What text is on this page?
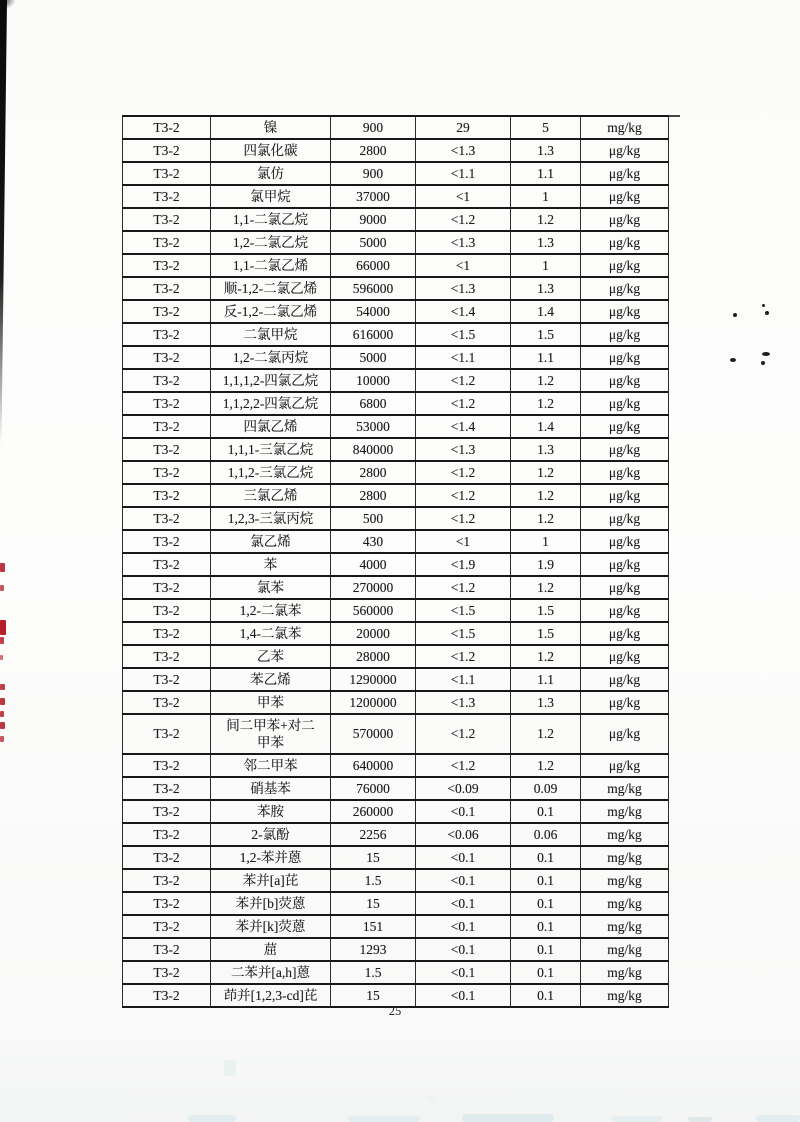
T3-2	镍	900	29	5	mg/kg
T3-2	四氯化碳	2800	<1.3	1.3	μg/kg
T3-2	氯仿	900	<1.1	1.1	μg/kg
T3-2	氯甲烷	37000	<1	1	μg/kg
T3-2	1,1-二氯乙烷	9000	<1.2	1.2	μg/kg
T3-2	1,2-二氯乙烷	5000	<1.3	1.3	μg/kg
T3-2	1,1-二氯乙烯	66000	<1	1	μg/kg
T3-2	顺-1,2-二氯乙烯	596000	<1.3	1.3	μg/kg
T3-2	反-1,2-二氯乙烯	54000	<1.4	1.4	μg/kg
T3-2	二氯甲烷	616000	<1.5	1.5	μg/kg
T3-2	1,2-二氯丙烷	5000	<1.1	1.1	μg/kg
T3-2	1,1,1,2-四氯乙烷	10000	<1.2	1.2	μg/kg
T3-2	1,1,2,2-四氯乙烷	6800	<1.2	1.2	μg/kg
T3-2	四氯乙烯	53000	<1.4	1.4	μg/kg
T3-2	1,1,1-三氯乙烷	840000	<1.3	1.3	μg/kg
T3-2	1,1,2-三氯乙烷	2800	<1.2	1.2	μg/kg
T3-2	三氯乙烯	2800	<1.2	1.2	μg/kg
T3-2	1,2,3-三氯丙烷	500	<1.2	1.2	μg/kg
T3-2	氯乙烯	430	<1	1	μg/kg
T3-2	苯	4000	<1.9	1.9	μg/kg
T3-2	氯苯	270000	<1.2	1.2	μg/kg
T3-2	1,2-二氯苯	560000	<1.5	1.5	μg/kg
T3-2	1,4-二氯苯	20000	<1.5	1.5	μg/kg
T3-2	乙苯	28000	<1.2	1.2	μg/kg
T3-2	苯乙烯	1290000	<1.1	1.1	μg/kg
T3-2	甲苯	1200000	<1.3	1.3	μg/kg
T3-2	间二甲苯+对二甲苯	570000	<1.2	1.2	μg/kg
T3-2	邻二甲苯	640000	<1.2	1.2	μg/kg
T3-2	硝基苯	76000	<0.09	0.09	mg/kg
T3-2	苯胺	260000	<0.1	0.1	mg/kg
T3-2	2-氯酚	2256	<0.06	0.06	mg/kg
T3-2	1,2-苯并蒽	15	<0.1	0.1	mg/kg
T3-2	苯并[a]芘	1.5	<0.1	0.1	mg/kg
T3-2	苯并[b]荧蒽	15	<0.1	0.1	mg/kg
T3-2	苯并[k]荧蒽	151	<0.1	0.1	mg/kg
T3-2	䓛	1293	<0.1	0.1	mg/kg
T3-2	二苯并[a,h]蒽	1.5	<0.1	0.1	mg/kg
T3-2	茚并[1,2,3-cd]芘	15	<0.1	0.1	mg/kg
25
